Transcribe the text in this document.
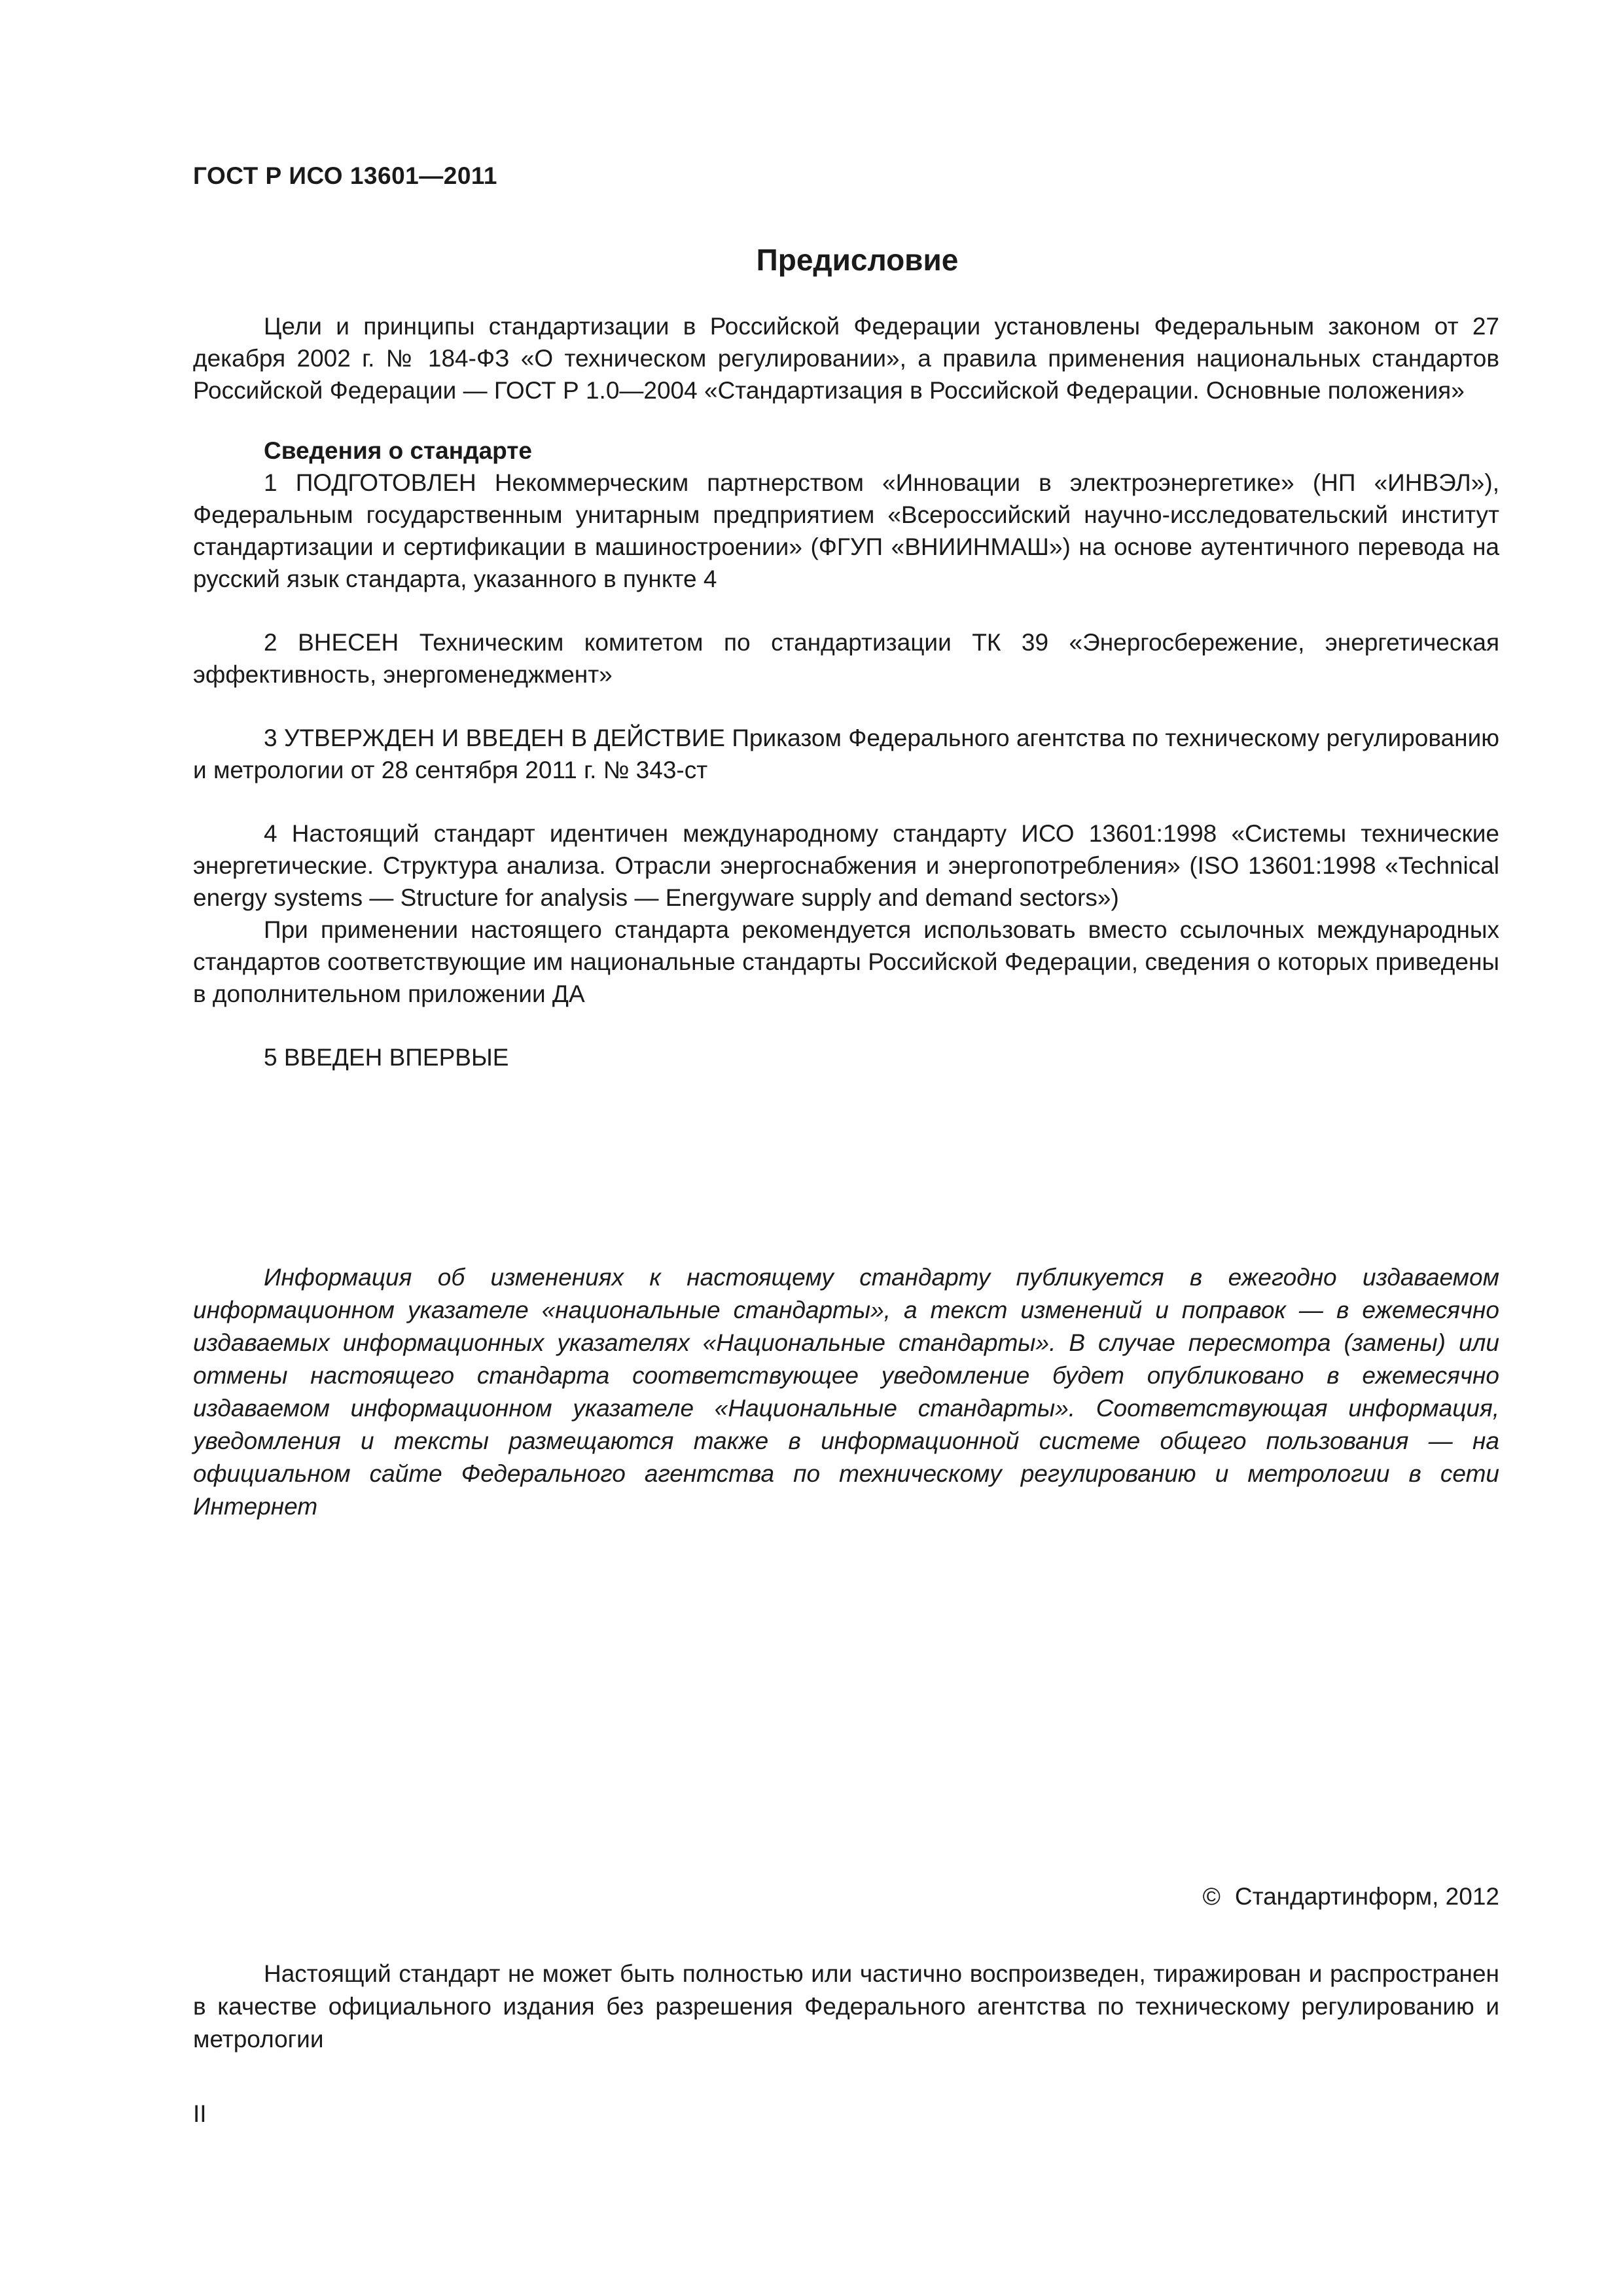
ГОСТ Р ИСО 13601—2011

Предисловие

Цели и принципы стандартизации в Российской Федерации установлены Федеральным законом от 27 декабря 2002 г. № 184-ФЗ «О техническом регулировании», а правила применения национальных стандартов Российской Федерации — ГОСТ Р 1.0—2004 «Стандартизация в Российской Федерации. Основные положения»

Сведения о стандарте

1 ПОДГОТОВЛЕН Некоммерческим партнерством «Инновации в электроэнергетике» (НП «ИНВЭЛ»), Федеральным государственным унитарным предприятием «Всероссийский научно-исследовательский институт стандартизации и сертификации в машиностроении» (ФГУП «ВНИИНМАШ») на основе аутентичного перевода на русский язык стандарта, указанного в пункте 4

2 ВНЕСЕН Техническим комитетом по стандартизации ТК 39 «Энергосбережение, энергетическая эффективность, энергоменеджмент»

3 УТВЕРЖДЕН И ВВЕДЕН В ДЕЙСТВИЕ Приказом Федерального агентства по техническому регулированию и метрологии от 28 сентября 2011 г. № 343-ст

4 Настоящий стандарт идентичен международному стандарту ИСО 13601:1998 «Системы технические энергетические. Структура анализа. Отрасли энергоснабжения и энергопотребления» (ISO 13601:1998 «Technical energy systems — Structure for analysis — Energyware supply and demand sectors»)

При применении настоящего стандарта рекомендуется использовать вместо ссылочных международных стандартов соответствующие им национальные стандарты Российской Федерации, сведения о которых приведены в дополнительном приложении ДА

5 ВВЕДЕН ВПЕРВЫЕ

Информация об изменениях к настоящему стандарту публикуется в ежегодно издаваемом информационном указателе «национальные стандарты», а текст изменений и поправок — в ежемесячно издаваемых информационных указателях «Национальные стандарты». В случае пересмотра (замены) или отмены настоящего стандарта соответствующее уведомление будет опубликовано в ежемесячно издаваемом информационном указателе «Национальные стандарты». Соответствующая информация, уведомления и тексты размещаются также в информационной системе общего пользования — на официальном сайте Федерального агентства по техническому регулированию и метрологии в сети Интернет

© Стандартинформ, 2012

Настоящий стандарт не может быть полностью или частично воспроизведен, тиражирован и распространен в качестве официального издания без разрешения Федерального агентства по техническому регулированию и метрологии

II
